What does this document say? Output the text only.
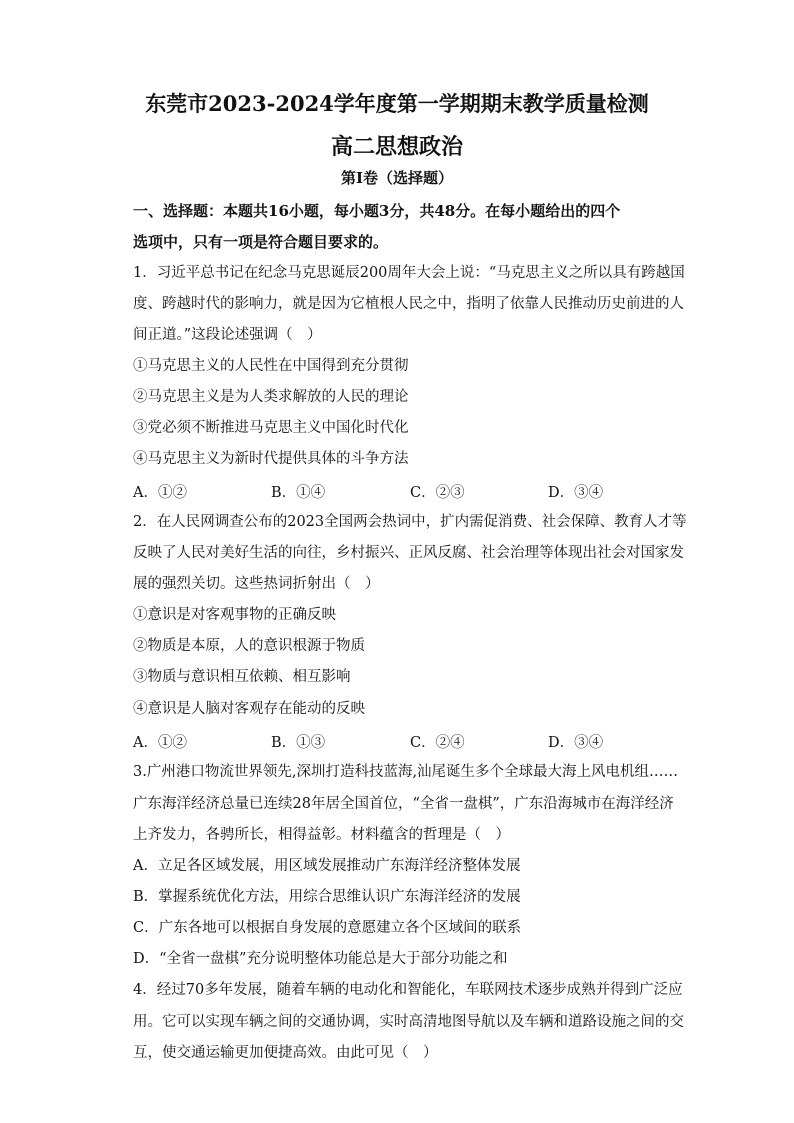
东莞市2023-2024学年度第一学期期末教学质量检测
高二思想政治
第Ⅰ卷（选择题）
一、选择题：本题共16小题，每小题3分，共48分。在每小题给出的四个
选项中，只有一项是符合题目要求的。
1．习近平总书记在纪念马克思诞辰200周年大会上说：“马克思主义之所以具有跨越国
度、跨越时代的影响力，就是因为它植根人民之中，指明了依靠人民推动历史前进的人
间正道。”这段论述强调（　）
①马克思主义的人民性在中国得到充分贯彻
②马克思主义是为人类求解放的人民的理论
③党必须不断推进马克思主义中国化时代化
④马克思主义为新时代提供具体的斗争方法
A．①②	B．①④	C．②③	D．③④
2．在人民网调查公布的2023全国两会热词中，扩内需促消费、社会保障、教育人才等
反映了人民对美好生活的向往，乡村振兴、正风反腐、社会治理等体现出社会对国家发
展的强烈关切。这些热词折射出（　）
①意识是对客观事物的正确反映
②物质是本原，人的意识根源于物质
③物质与意识相互依赖、相互影响
④意识是人脑对客观存在能动的反映
A．①②	B．①③	C．②④	D．③④
3.广州港口物流世界领先,深圳打造科技蓝海,汕尾诞生多个全球最大海上风电机组……
广东海洋经济总量已连续28年居全国首位，“全省一盘棋”，广东沿海城市在海洋经济
上齐发力，各骋所长，相得益彰。材料蕴含的哲理是（　）
A．立足各区域发展，用区域发展推动广东海洋经济整体发展
B．掌握系统优化方法，用综合思维认识广东海洋经济的发展
C．广东各地可以根据自身发展的意愿建立各个区域间的联系
D．“全省一盘棋”充分说明整体功能总是大于部分功能之和
4．经过70多年发展，随着车辆的电动化和智能化，车联网技术逐步成熟并得到广泛应
用。它可以实现车辆之间的交通协调，实时高清地图导航以及车辆和道路设施之间的交
互，使交通运输更加便捷高效。由此可见（　）
